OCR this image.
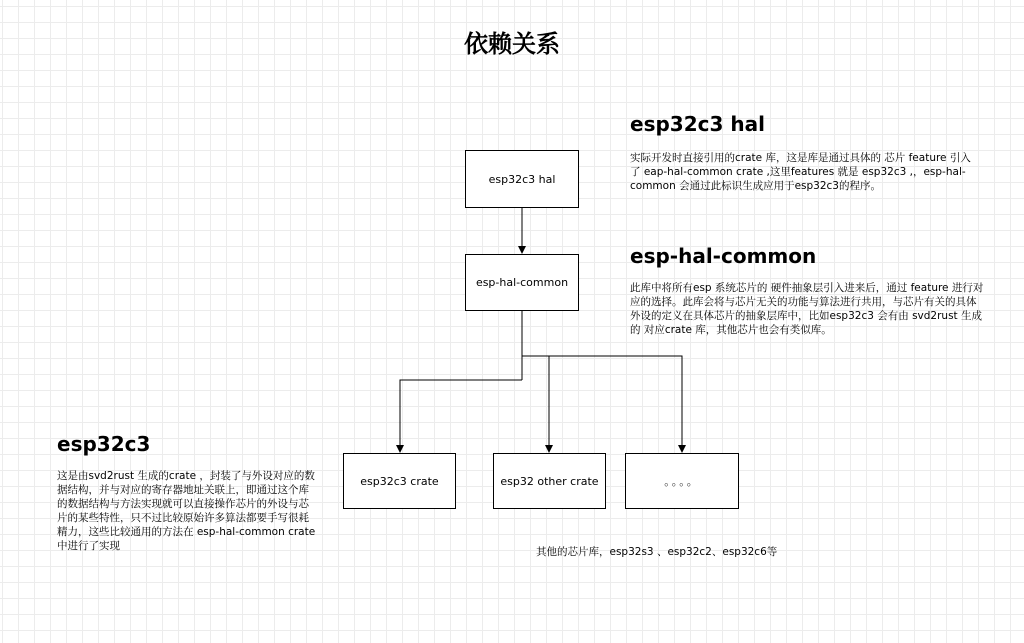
依赖关系
esp32c3 hal
esp-hal-common
esp32c3 crate	esp32 other crate	。。。。
esp32c3 hal
实际开发时直接引用的crate 库，这是库是通过具体的 芯片 feature 引入了 eap-hal-common crate ,这里features 就是 esp32c3 ,，esp-hal-common 会通过此标识生成应用于esp32c3的程序。
esp-hal-common
此库中将所有esp 系统芯片的 硬件抽象层引入进来后，通过 feature 进行对应的选择。此库会将与芯片无关的功能与算法进行共用，与芯片有关的具体外设的定义在具体芯片的抽象层库中，比如esp32c3 会有由 svd2rust 生成的 对应crate 库，其他芯片也会有类似库。
esp32c3
这是由svd2rust 生成的crate ，封装了与外设对应的数据结构，并与对应的寄存器地址关联上，即通过这个库的数据结构与方法实现就可以直接操作芯片的外设与芯片的某些特性，只不过比较原始许多算法都要手写很耗精力，这些比较通用的方法在 esp-hal-common crate 中进行了实现	其他的芯片库，esp32s3 、esp32c2、esp32c6等
